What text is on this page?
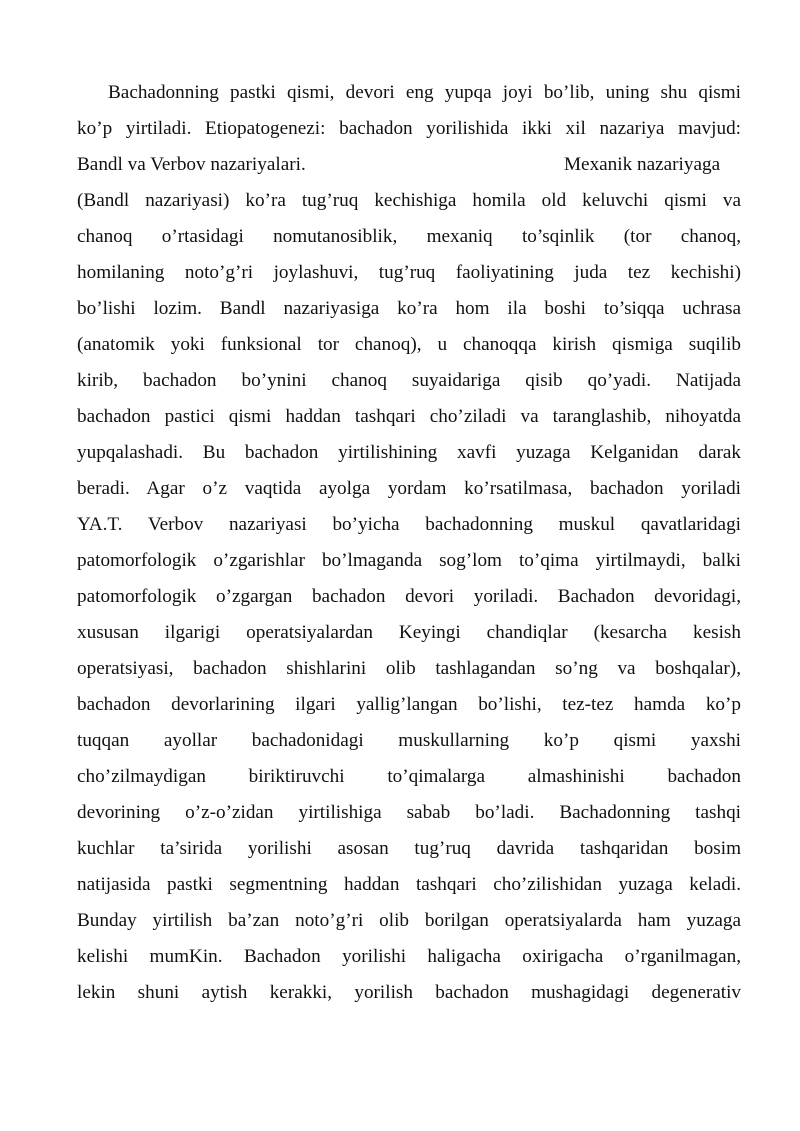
Bachadonning pastki qismi, devori eng yupqa joyi bo’lib, uning shu qismi
ko’p yirtiladi. Etiopatogenezi: bachadon yorilishida ikki xil nazariya mavjud:
Bandl va Verbov nazariyalari.	Mexanik nazariyaga
(Bandl nazariyasi) ko’ra tug’ruq kechishiga homila old keluvchi qismi va
chanoq o’rtasidagi nomutanosiblik, mexaniq to’sqinlik (tor chanoq,
homilaning noto’g’ri joylashuvi, tug’ruq faoliyatining juda tez kechishi)
bo’lishi lozim. Bandl nazariyasiga ko’ra hom ila boshi to’siqqa uchrasa
(anatomik yoki funksional tor chanoq), u chanoqqa kirish qismiga suqilib
kirib, bachadon bo’ynini chanoq suyaidariga qisib qo’yadi. Natijada
bachadon pastici qismi haddan tashqari cho’ziladi va taranglashib, nihoyatda
yupqalashadi. Bu bachadon yirtilishining xavfi yuzaga Kelganidan darak
beradi. Agar o’z vaqtida ayolga yordam ko’rsatilmasa, bachadon yoriladi
YA.T. Verbov nazariyasi bo’yicha bachadonning muskul qavatlaridagi
patomorfologik o’zgarishlar bo’lmaganda sog’lom to’qima yirtilmaydi, balki
patomorfologik o’zgargan bachadon devori yoriladi. Bachadon devoridagi,
xususan ilgarigi operatsiyalardan Keyingi chandiqlar (kesarcha kesish
operatsiyasi, bachadon shishlarini olib tashlagandan so’ng va boshqalar),
bachadon devorlarining ilgari yallig’langan bo’lishi, tez-tez hamda ko’p
tuqqan ayollar bachadonidagi muskullarning ko’p qismi yaxshi
cho’zilmaydigan biriktiruvchi to’qimalarga almashinishi bachadon
devorining o’z-o’zidan yirtilishiga sabab bo’ladi. Bachadonning tashqi
kuchlar ta’sirida yorilishi asosan tug’ruq davrida tashqaridan bosim
natijasida pastki segmentning haddan tashqari cho’zilishidan yuzaga keladi.
Bunday yirtilish ba’zan noto’g’ri olib borilgan operatsiyalarda ham yuzaga
kelishi mumKin. Bachadon yorilishi haligacha oxirigacha o’rganilmagan,
lekin shuni aytish kerakki, yorilish bachadon mushagidagi degenerativ
